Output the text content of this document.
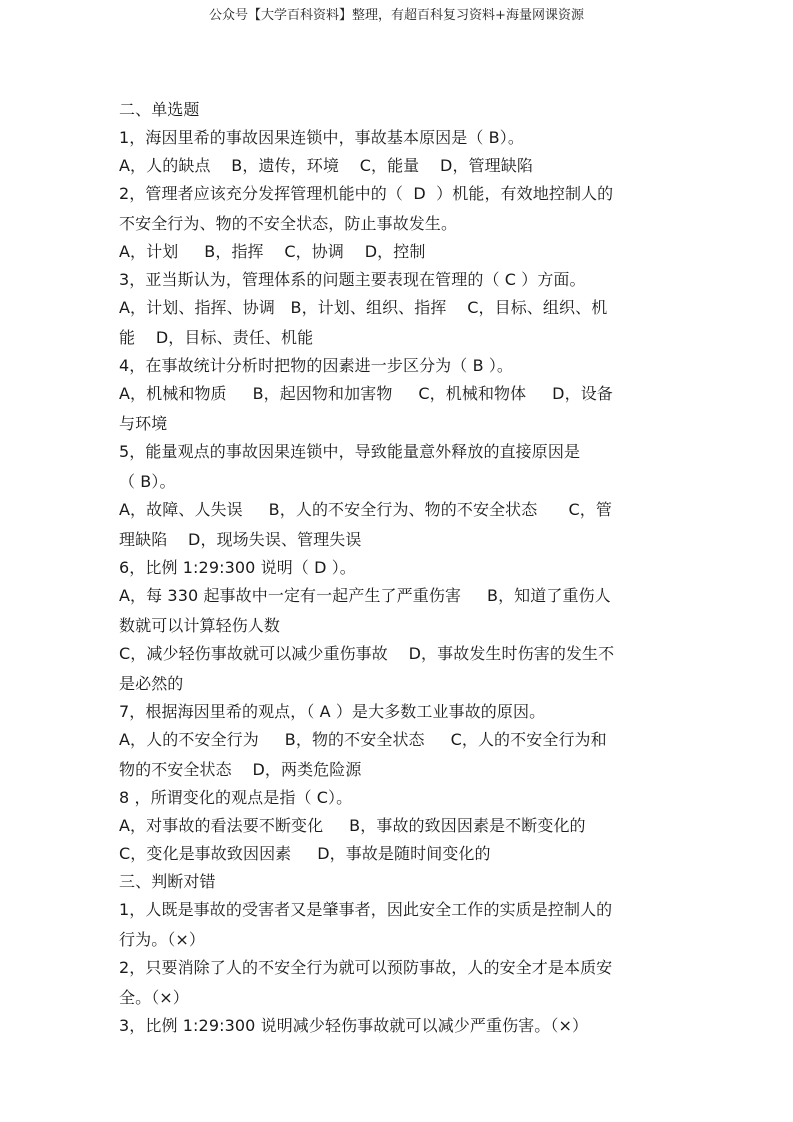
公众号【大学百科资料】整理，有超百科复习资料+海量网课资源
二、单选题
1，海因里希的事故因果连锁中，事故基本原因是（ B）。
A，人的缺点    B，遗传，环境    C，能量    D，管理缺陷
2，管理者应该充分发挥管理机能中的（  D  ）机能，有效地控制人的
不安全行为、物的不安全状态，防止事故发生。
A，计划     B，指挥    C，协调    D，控制
3，亚当斯认为，管理体系的问题主要表现在管理的（ C ）方面。
A，计划、指挥、协调   B，计划、组织、指挥    C，目标、组织、机
能    D，目标、责任、机能
4，在事故统计分析时把物的因素进一步区分为（ B ）。
A，机械和物质     B，起因物和加害物     C，机械和物体     D，设备
与环境
5，能量观点的事故因果连锁中，导致能量意外释放的直接原因是
（ B）。
A，故障、人失误     B，人的不安全行为、物的不安全状态      C，管
理缺陷    D，现场失误、管理失误
6，比例 1:29:300 说明（ D ）。
A，每 330 起事故中一定有一起产生了严重伤害     B，知道了重伤人
数就可以计算轻伤人数
C，减少轻伤事故就可以减少重伤事故    D，事故发生时伤害的发生不
是必然的
7，根据海因里希的观点，（ A ）是大多数工业事故的原因。
A，人的不安全行为     B，物的不安全状态     C，人的不安全行为和
物的不安全状态    D，两类危险源
8 ，所谓变化的观点是指（ C）。
A，对事故的看法要不断变化     B，事故的致因因素是不断变化的
C，变化是事故致因因素     D，事故是随时间变化的
三、判断对错
1，人既是事故的受害者又是肇事者，因此安全工作的实质是控制人的
行为。（×）
2，只要消除了人的不安全行为就可以预防事故，人的安全才是本质安
全。（×）
3，比例 1:29:300 说明减少轻伤事故就可以减少严重伤害。（×）
